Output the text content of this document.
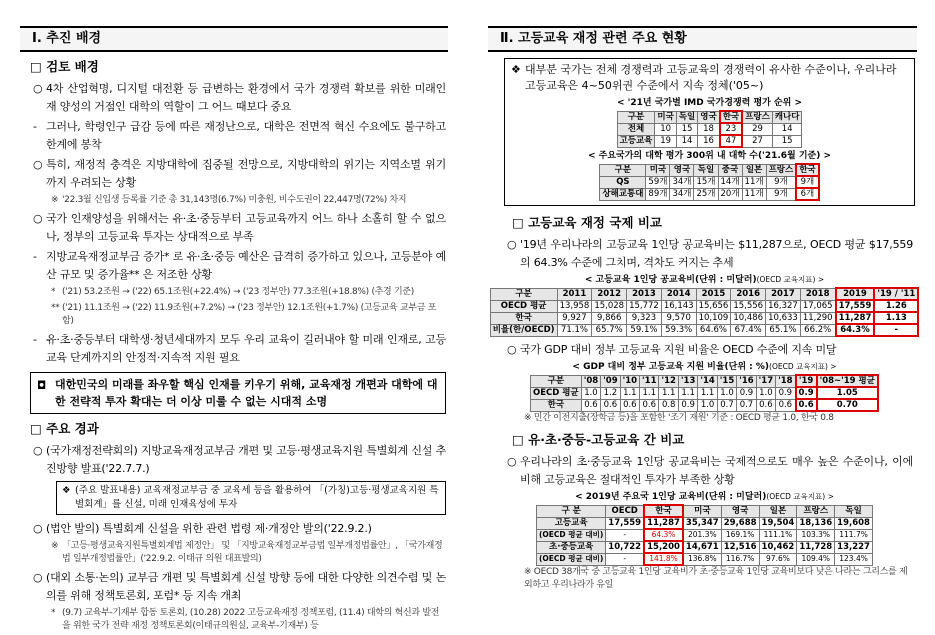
Ⅰ. 추진 배경
□ 검토 배경
○ 4차 산업혁명, 디지털 대전환 등 급변하는 환경에서 국가 경쟁력 확보를 위한 미래인재 양성의 거점인 대학의 역할이 그 어느 때보다 중요
- 그러나, 학령인구 급감 등에 따른 재정난으로, 대학은 전면적 혁신 수요에도 불구하고 한계에 봉착
○ 특히, 재정적 충격은 지방대학에 집중될 전망으로, 지방대학의 위기는 지역소멸 위기까지 우려되는 상황
※ '22.3월 신입생 등록률 기준 총 31,143명(6.7%) 미충원, 비수도권이 22,447명(72%) 차지
○ 국가 인재양성을 위해서는 유·초·중등부터 고등교육까지 어느 하나 소홀히 할 수 없으나, 정부의 고등교육 투자는 상대적으로 부족
- 지방교육재정교부금 증가* 로 유·초·중등 예산은 급격히 증가하고 있으나, 고등분야 예산 규모 및 증가율** 은 저조한 상황
* ('21) 53.2조원 → ('22) 65.1조원(+22.4%) → ('23 정부안) 77.3조원(+18.8%) (추경 기준)
** ('21) 11.1조원 → ('22) 11.9조원(+7.2%) → ('23 정부안) 12.1조원(+1.7%) (고등교육 교부금 포함)
- 유·초·중등부터 대학생·청년세대까지 모두 우리 교육이 길러내야 할 미래 인재로, 고등교육 단계까지의 안정적·지속적 지원 필요
◘ 대한민국의 미래를 좌우할 핵심 인재를 키우기 위해, 교육재정 개편과 대학에 대한 전략적 투자 확대는 더 이상 미룰 수 없는 시대적 소명
□ 주요 경과
○ (국가재정전략회의) 지방교육재정교부금 개편 및 고등·평생교육지원 특별회계 신설 추진방향 발표('22.7.7.)
❖ (주요 발표내용) 교육재정교부금 중 교육세 등을 활용하여 「(가칭)고등·평생교육지원 특별회계」를 신설, 미래 인재육성에 투자
○ (법안 발의) 특별회계 신설을 위한 관련 법령 제·개정안 발의('22.9.2.)
※ 「고등·평생교육지원특별회계법 제정안」 및 「지방교육재정교부금법 일부개정법률안」, 「국가재정법 일부개정법률안」('22.9.2. 이태규 의원 대표발의)
○ (대외 소통·논의) 교부금 개편 및 특별회계 신설 방향 등에 대한 다양한 의견수렴 및 논의를 위해 정책토론회, 포럼* 등 지속 개최
* (9.7) 교육부-기재부 합동 토론회, (10.28) 2022 고등교육재정 정책포럼, (11.4) 대학의 혁신과 발전을 위한 국가 전략 재정 정책토론회(이태규의원실, 교육부-기재부) 등
Ⅱ. 고등교육 재정 관련 주요 현황
❖ 대부분 국가는 전체 경쟁력과 고등교육의 경쟁력이 유사한 수준이나, 우리나라 고등교육은 4~50위권 수준에서 지속 정체('05~)
< '21년 국가별 IMD 국가경쟁력 평가 순위 >
구분	미국	독일	영국	한국	프랑스	캐나다
전체	10	15	18	23	29	14
고등교육	19	14	16	47	27	15
< 주요국가의 대학 평가 300위 내 대학 수('21.6월 기준) >
구분	미국	영국	독일	중국	일본	프랑스	한국
QS	59개	34개	15개	14개	11개	9개	9개
상해교통대	89개	34개	25개	20개	11개	9개	6개
□ 고등교육 재정 국제 비교
○ '19년 우리나라의 고등교육 1인당 공교육비는 $11,287으로, OECD 평균 $17,559의 64.3% 수준에 그치며, 격차도 커지는 추세
< 고등교육 1인당 공교육비(단위 : 미달러)(OECD 교육지표) >
구분	2011	2012	2013	2014	2015	2016	2017	2018	2019	'19 / '11
OECD 평균	13,958	15,028	15,772	16,143	15,656	15,556	16,327	17,065	17,559	1.26
한국	9,927	9,866	9,323	9,570	10,109	10,486	10,633	11,290	11,287	1.13
비율(한/OECD)	71.1%	65.7%	59.1%	59.3%	64.6%	67.4%	65.1%	66.2%	64.3%	-
○ 국가 GDP 대비 정부 고등교육 지원 비율은 OECD 수준에 지속 미달
< GDP 대비 정부 고등교육 지원 비율(단위 : %)(OECD 교육지표) >
구분	'08	'09	'10	'11	'12	'13	'14	'15	'16	'17	'18	'19	'08~'19 평균
OECD 평균	1.0	1.2	1.1	1.1	1.1	1.1	1.1	1.0	0.9	1.0	0.9	0.9	1.05
한국	0.6	0.6	0.6	0.6	0.8	0.9	1.0	0.7	0.7	0.6	0.6	0.6	0.70
※ 민간 이전지출(장학금 등)을 포함한 '조기 재원' 기준 : OECD 평균 1.0, 한국 0.8
□ 유·초·중등-고등교육 간 비교
○ 우리나라의 초·중등교육 1인당 공교육비는 국제적으로도 매우 높은 수준이나, 이에 비해 고등교육은 절대적인 투자가 부족한 상황
< 2019년 주요국 1인당 교육비(단위 : 미달러)(OECD 교육지표) >
구 분	OECD	한국	미국	영국	일본	프랑스	독일
고등교육	17,559	11,287	35,347	29,688	19,504	18,136	19,608
(OECD 평균 대비)	-	64.3%	201.3%	169.1%	111.1%	103.3%	111.7%
초·중등교육	10,722	15,200	14,671	12,516	10,462	11,728	13,227
(OECD 평균 대비)	-	141.8%	136.8%	116.7%	97.6%	109.4%	123.4%
※ OECD 38개국 중 고등교육 1인당 교육비가 초·중등교육 1인당 교육비보다 낮은 나라는 그리스를 제외하고 우리나라가 유일
